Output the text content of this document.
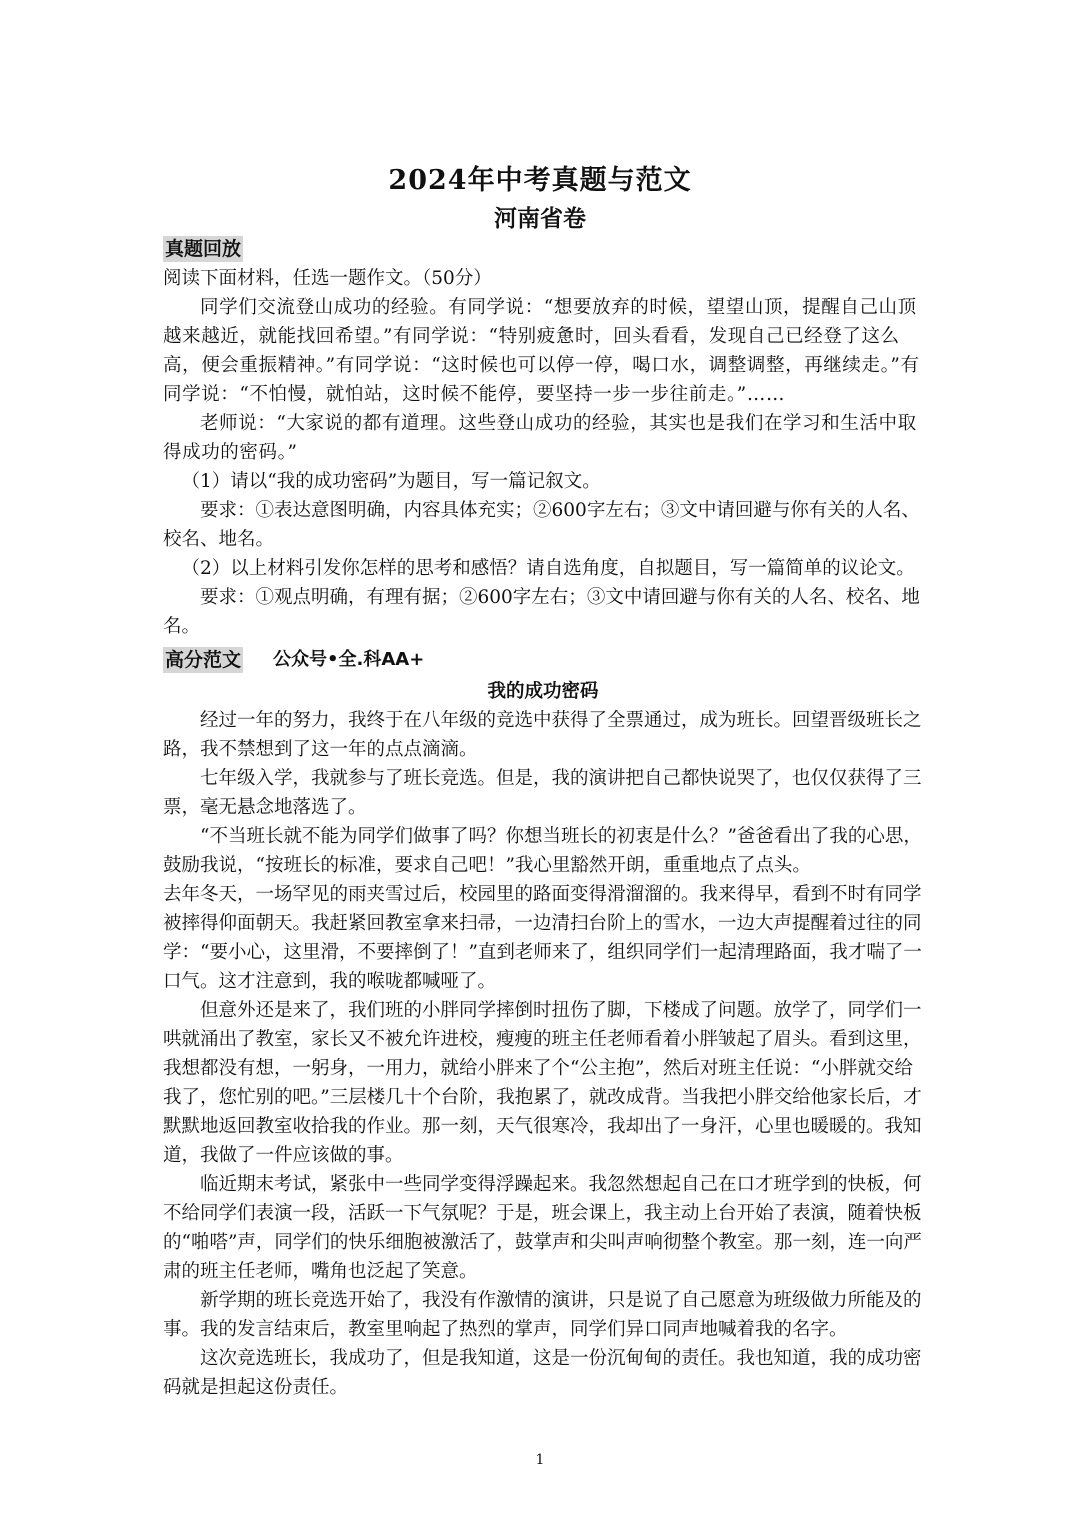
2024年中考真题与范文
河南省卷
真题回放

阅读下面材料，任选一题作文。（50分）

同学们交流登山成功的经验。有同学说：“想要放弃的时候，望望山顶，提醒自己山顶越来越近，就能找回希望。”有同学说：“特别疲惫时，回头看看，发现自己已经登了这么高，便会重振精神。”有同学说：“这时候也可以停一停，喝口水，调整调整，再继续走。”有同学说：“不怕慢，就怕站，这时候不能停，要坚持一步一步往前走。”……

老师说：“大家说的都有道理。这些登山成功的经验，其实也是我们在学习和生活中取得成功的密码。”

（1）请以“我的成功密码”为题目，写一篇记叙文。

要求：①表达意图明确，内容具体充实；②600字左右；③文中请回避与你有关的人名、校名、地名。

（2）以上材料引发你怎样的思考和感悟？请自选角度，自拟题目，写一篇简单的议论文。

要求：①观点明确，有理有据；②600字左右；③文中请回避与你有关的人名、校名、地名。

高分范文 公众号•全.科AA+

我的成功密码

经过一年的努力，我终于在八年级的竞选中获得了全票通过，成为班长。回望晋级班长之路，我不禁想到了这一年的点点滴滴。

七年级入学，我就参与了班长竞选。但是，我的演讲把自己都快说哭了，也仅仅获得了三票，毫无悬念地落选了。

“不当班长就不能为同学们做事了吗？你想当班长的初衷是什么？”爸爸看出了我的心思，鼓励我说，“按班长的标准，要求自己吧！”我心里豁然开朗，重重地点了点头。

去年冬天，一场罕见的雨夹雪过后，校园里的路面变得滑溜溜的。我来得早，看到不时有同学被摔得仰面朝天。我赶紧回教室拿来扫帚，一边清扫台阶上的雪水，一边大声提醒着过往的同学：“要小心，这里滑，不要摔倒了！”直到老师来了，组织同学们一起清理路面，我才喘了一口气。这才注意到，我的喉咙都喊哑了。

但意外还是来了，我们班的小胖同学摔倒时扭伤了脚，下楼成了问题。放学了，同学们一哄就涌出了教室，家长又不被允许进校，瘦瘦的班主任老师看着小胖皱起了眉头。看到这里，我想都没有想，一躬身，一用力，就给小胖来了个“公主抱”，然后对班主任说：“小胖就交给我了，您忙别的吧。”三层楼几十个台阶，我抱累了，就改成背。当我把小胖交给他家长后，才默默地返回教室收拾我的作业。那一刻，天气很寒冷，我却出了一身汗，心里也暖暖的。我知道，我做了一件应该做的事。

临近期末考试，紧张中一些同学变得浮躁起来。我忽然想起自己在口才班学到的快板，何不给同学们表演一段，活跃一下气氛呢？于是，班会课上，我主动上台开始了表演，随着快板的“啪嗒”声，同学们的快乐细胞被激活了，鼓掌声和尖叫声响彻整个教室。那一刻，连一向严肃的班主任老师，嘴角也泛起了笑意。

新学期的班长竞选开始了，我没有作激情的演讲，只是说了自己愿意为班级做力所能及的事。我的发言结束后，教室里响起了热烈的掌声，同学们异口同声地喊着我的名字。

这次竞选班长，我成功了，但是我知道，这是一份沉甸甸的责任。我也知道，我的成功密码就是担起这份责任。

1
